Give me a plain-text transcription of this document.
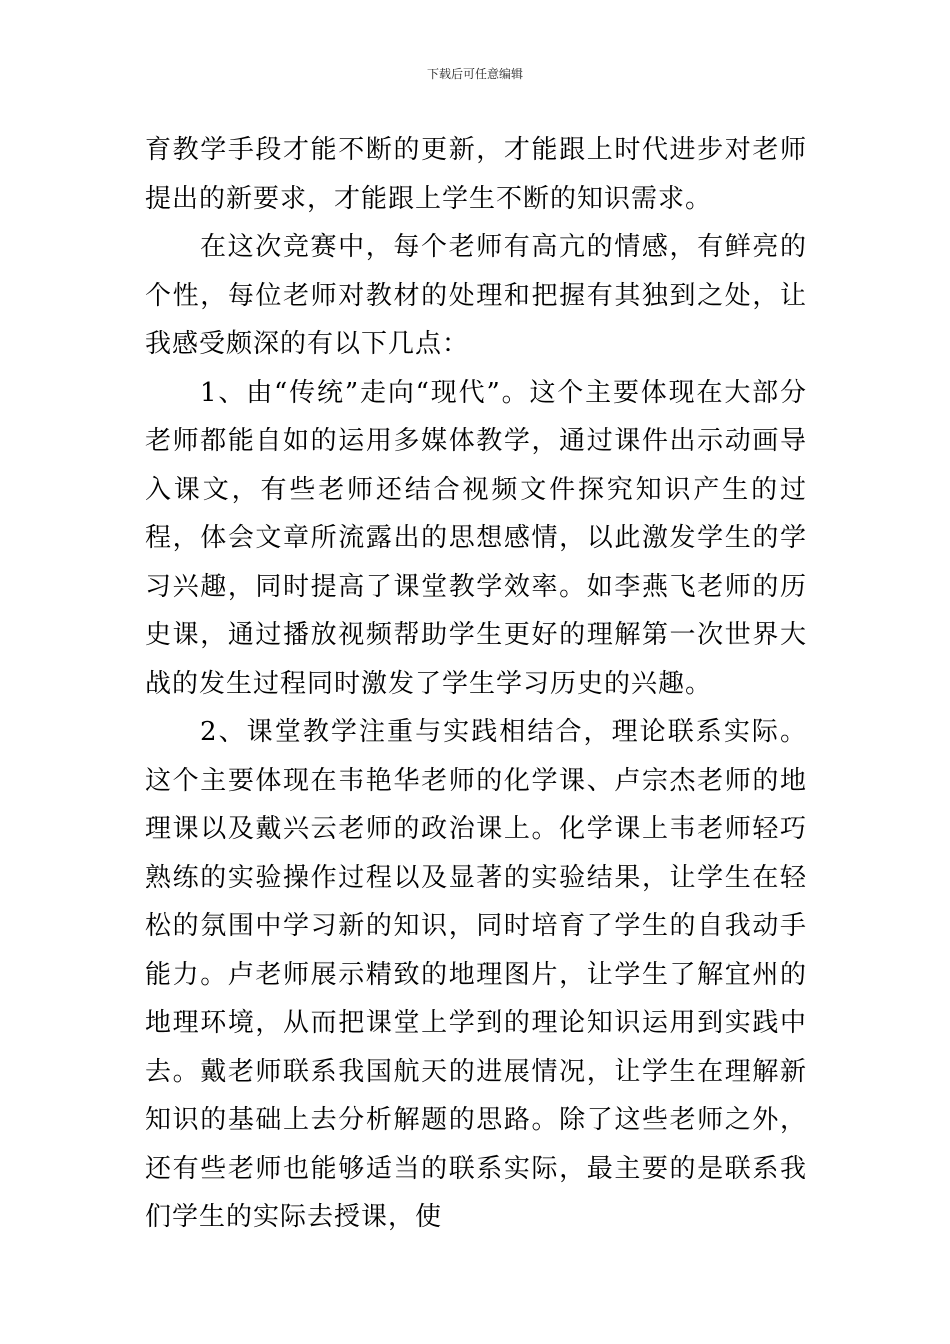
下载后可任意编辑

育教学手段才能不断的更新，才能跟上时代进步对老师提出的新要求，才能跟上学生不断的知识需求。

在这次竞赛中，每个老师有高亢的情感，有鲜亮的个性，每位老师对教材的处理和把握有其独到之处，让我感受颇深的有以下几点：

1、由“传统”走向“现代”。这个主要体现在大部分老师都能自如的运用多媒体教学，通过课件出示动画导入课文，有些老师还结合视频文件探究知识产生的过程，体会文章所流露出的思想感情，以此激发学生的学习兴趣，同时提高了课堂教学效率。如李燕飞老师的历史课，通过播放视频帮助学生更好的理解第一次世界大战的发生过程同时激发了学生学习历史的兴趣。

2、课堂教学注重与实践相结合，理论联系实际。这个主要体现在韦艳华老师的化学课、卢宗杰老师的地理课以及戴兴云老师的政治课上。化学课上韦老师轻巧熟练的实验操作过程以及显著的实验结果，让学生在轻松的氛围中学习新的知识，同时培育了学生的自我动手能力。卢老师展示精致的地理图片，让学生了解宜州的地理环境，从而把课堂上学到的理论知识运用到实践中去。戴老师联系我国航天的进展情况，让学生在理解新知识的基础上去分析解题的思路。除了这些老师之外，还有些老师也能够适当的联系实际，最主要的是联系我们学生的实际去授课，使
